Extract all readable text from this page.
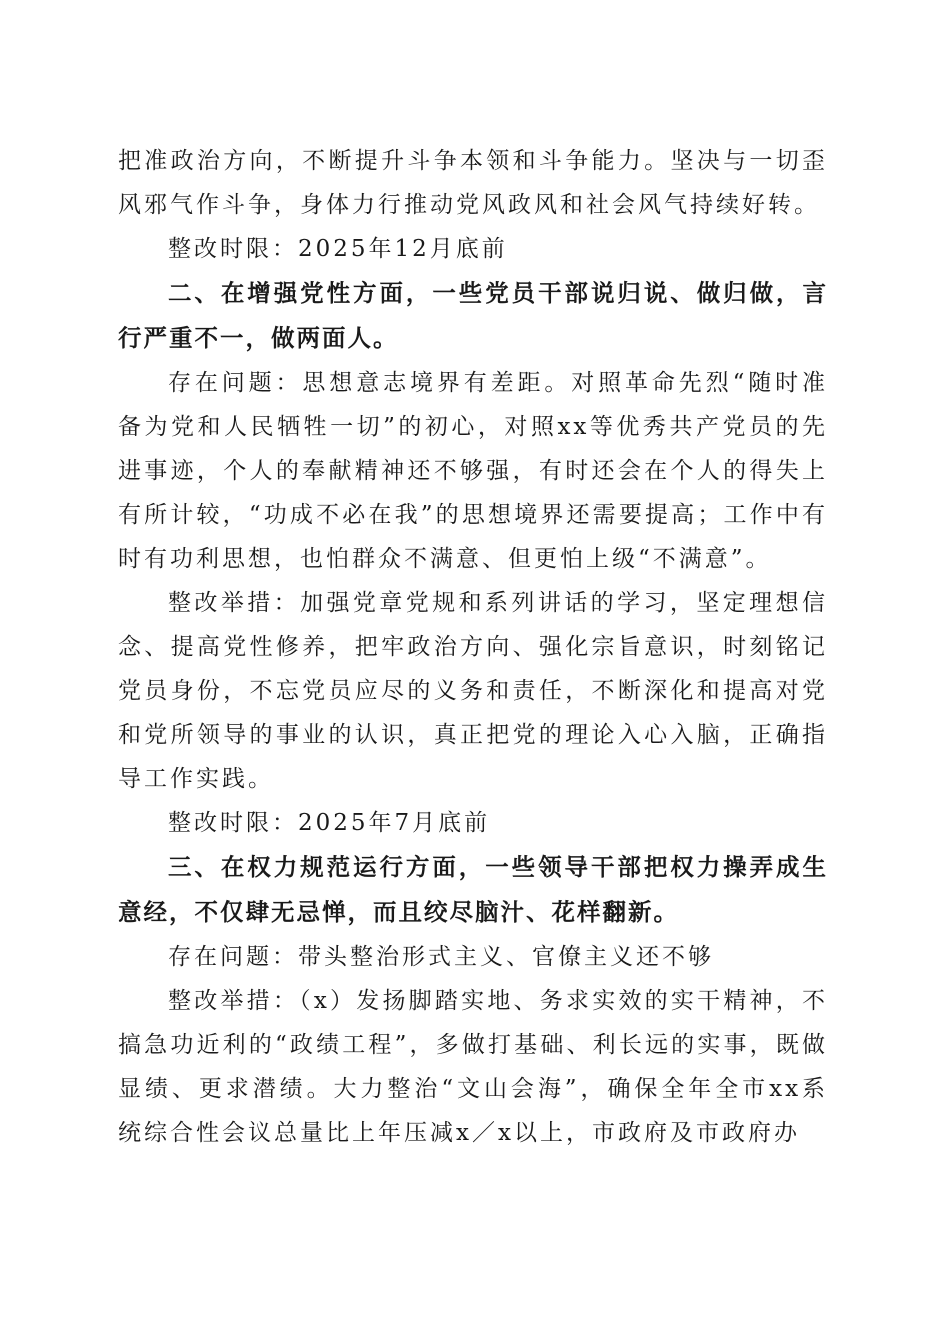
把准政治方向，不断提升斗争本领和斗争能力。坚决与一切歪风邪气作斗争，身体力行推动党风政风和社会风气持续好转。

整改时限：2025年12月底前

二、在增强党性方面，一些党员干部说归说、做归做，言行严重不一，做两面人。

存在问题：思想意志境界有差距。对照革命先烈“随时准备为党和人民牺牲一切”的初心，对照xx等优秀共产党员的先进事迹，个人的奉献精神还不够强，有时还会在个人的得失上有所计较，“功成不必在我”的思想境界还需要提高；工作中有时有功利思想，也怕群众不满意、但更怕上级“不满意”。

整改举措：加强党章党规和系列讲话的学习，坚定理想信念、提高党性修养，把牢政治方向、强化宗旨意识，时刻铭记党员身份，不忘党员应尽的义务和责任，不断深化和提高对党和党所领导的事业的认识，真正把党的理论入心入脑，正确指导工作实践。

整改时限：2025年7月底前

三、在权力规范运行方面，一些领导干部把权力操弄成生意经，不仅肆无忌惮，而且绞尽脑汁、花样翻新。

存在问题：带头整治形式主义、官僚主义还不够

整改举措：（x）发扬脚踏实地、务求实效的实干精神，不搞急功近利的“政绩工程”，多做打基础、利长远的实事，既做显绩、更求潜绩。大力整治“文山会海”，确保全年全市xx系统综合性会议总量比上年压减x／x以上，市政府及市政府办
